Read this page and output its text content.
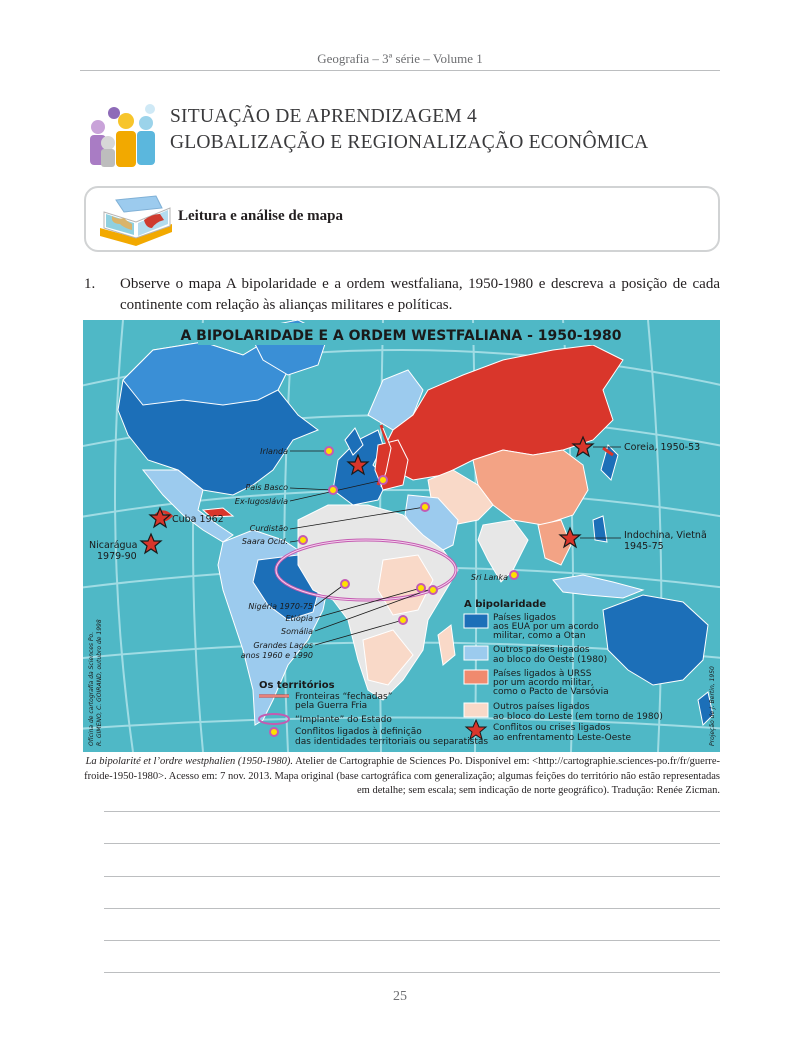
Geografia – 3ª série – Volume 1
SITUAÇÃO DE APRENDIZAGEM 4
GLOBALIZAÇÃO E REGIONALIZAÇÃO ECONÔMICA
Leitura e análise de mapa
1. Observe o mapa A bipolaridade e a ordem westfaliana, 1950-1980 e descreva a posição de cada continente com relação às alianças militares e políticas.
A BIPOLARIDADE E A ORDEM WESTFALIANA - 1950-1980
Irlanda
País Basco
Ex-Iugoslávia
Curdistão
Saara Ocid.
Nigéria 1970-75
Etiópia
Somália
Grandes Lagos
anos 1960 e 1990
Sri Lanka
Cuba 1962
Nicarágua
1979-90
Coreia, 1950-53
Indochina, Vietnã
1945-75
A bipolaridade
Países ligados
aos EUA por um acordo
militar, como a Otan
Outros países ligados
ao bloco do Oeste (1980)
Países ligados à URSS
por um acordo militar,
como o Pacto de Varsóvia
Outros países ligados
ao bloco do Leste (em torno de 1980)
Conflitos ou crises ligados
ao enfrentamento Leste-Oeste
Os territórios
Fronteiras “fechadas”
pela Guerra Fria
“Implante” do Estado
Conflitos ligados à definição
das identidades territoriais ou separatistas
Oficina de cartografia da Sciences Po. R. GIMENO, C. GOIRAND, outubro de 1998	Projeção de J. Bertin, 1950
La bipolarité et l’ordre westphalien (1950-1980). Atelier de Cartographie de Sciences Po. Disponível em: <http://cartographie.sciences-po.fr/fr/guerre-froide-1950-1980>. Acesso em: 7 nov. 2013. Mapa original (base cartográfica com generalização; algumas feições do território não estão representadas em detalhe; sem escala; sem indicação de norte geográfico). Tradução: Renée Zicman.
25
